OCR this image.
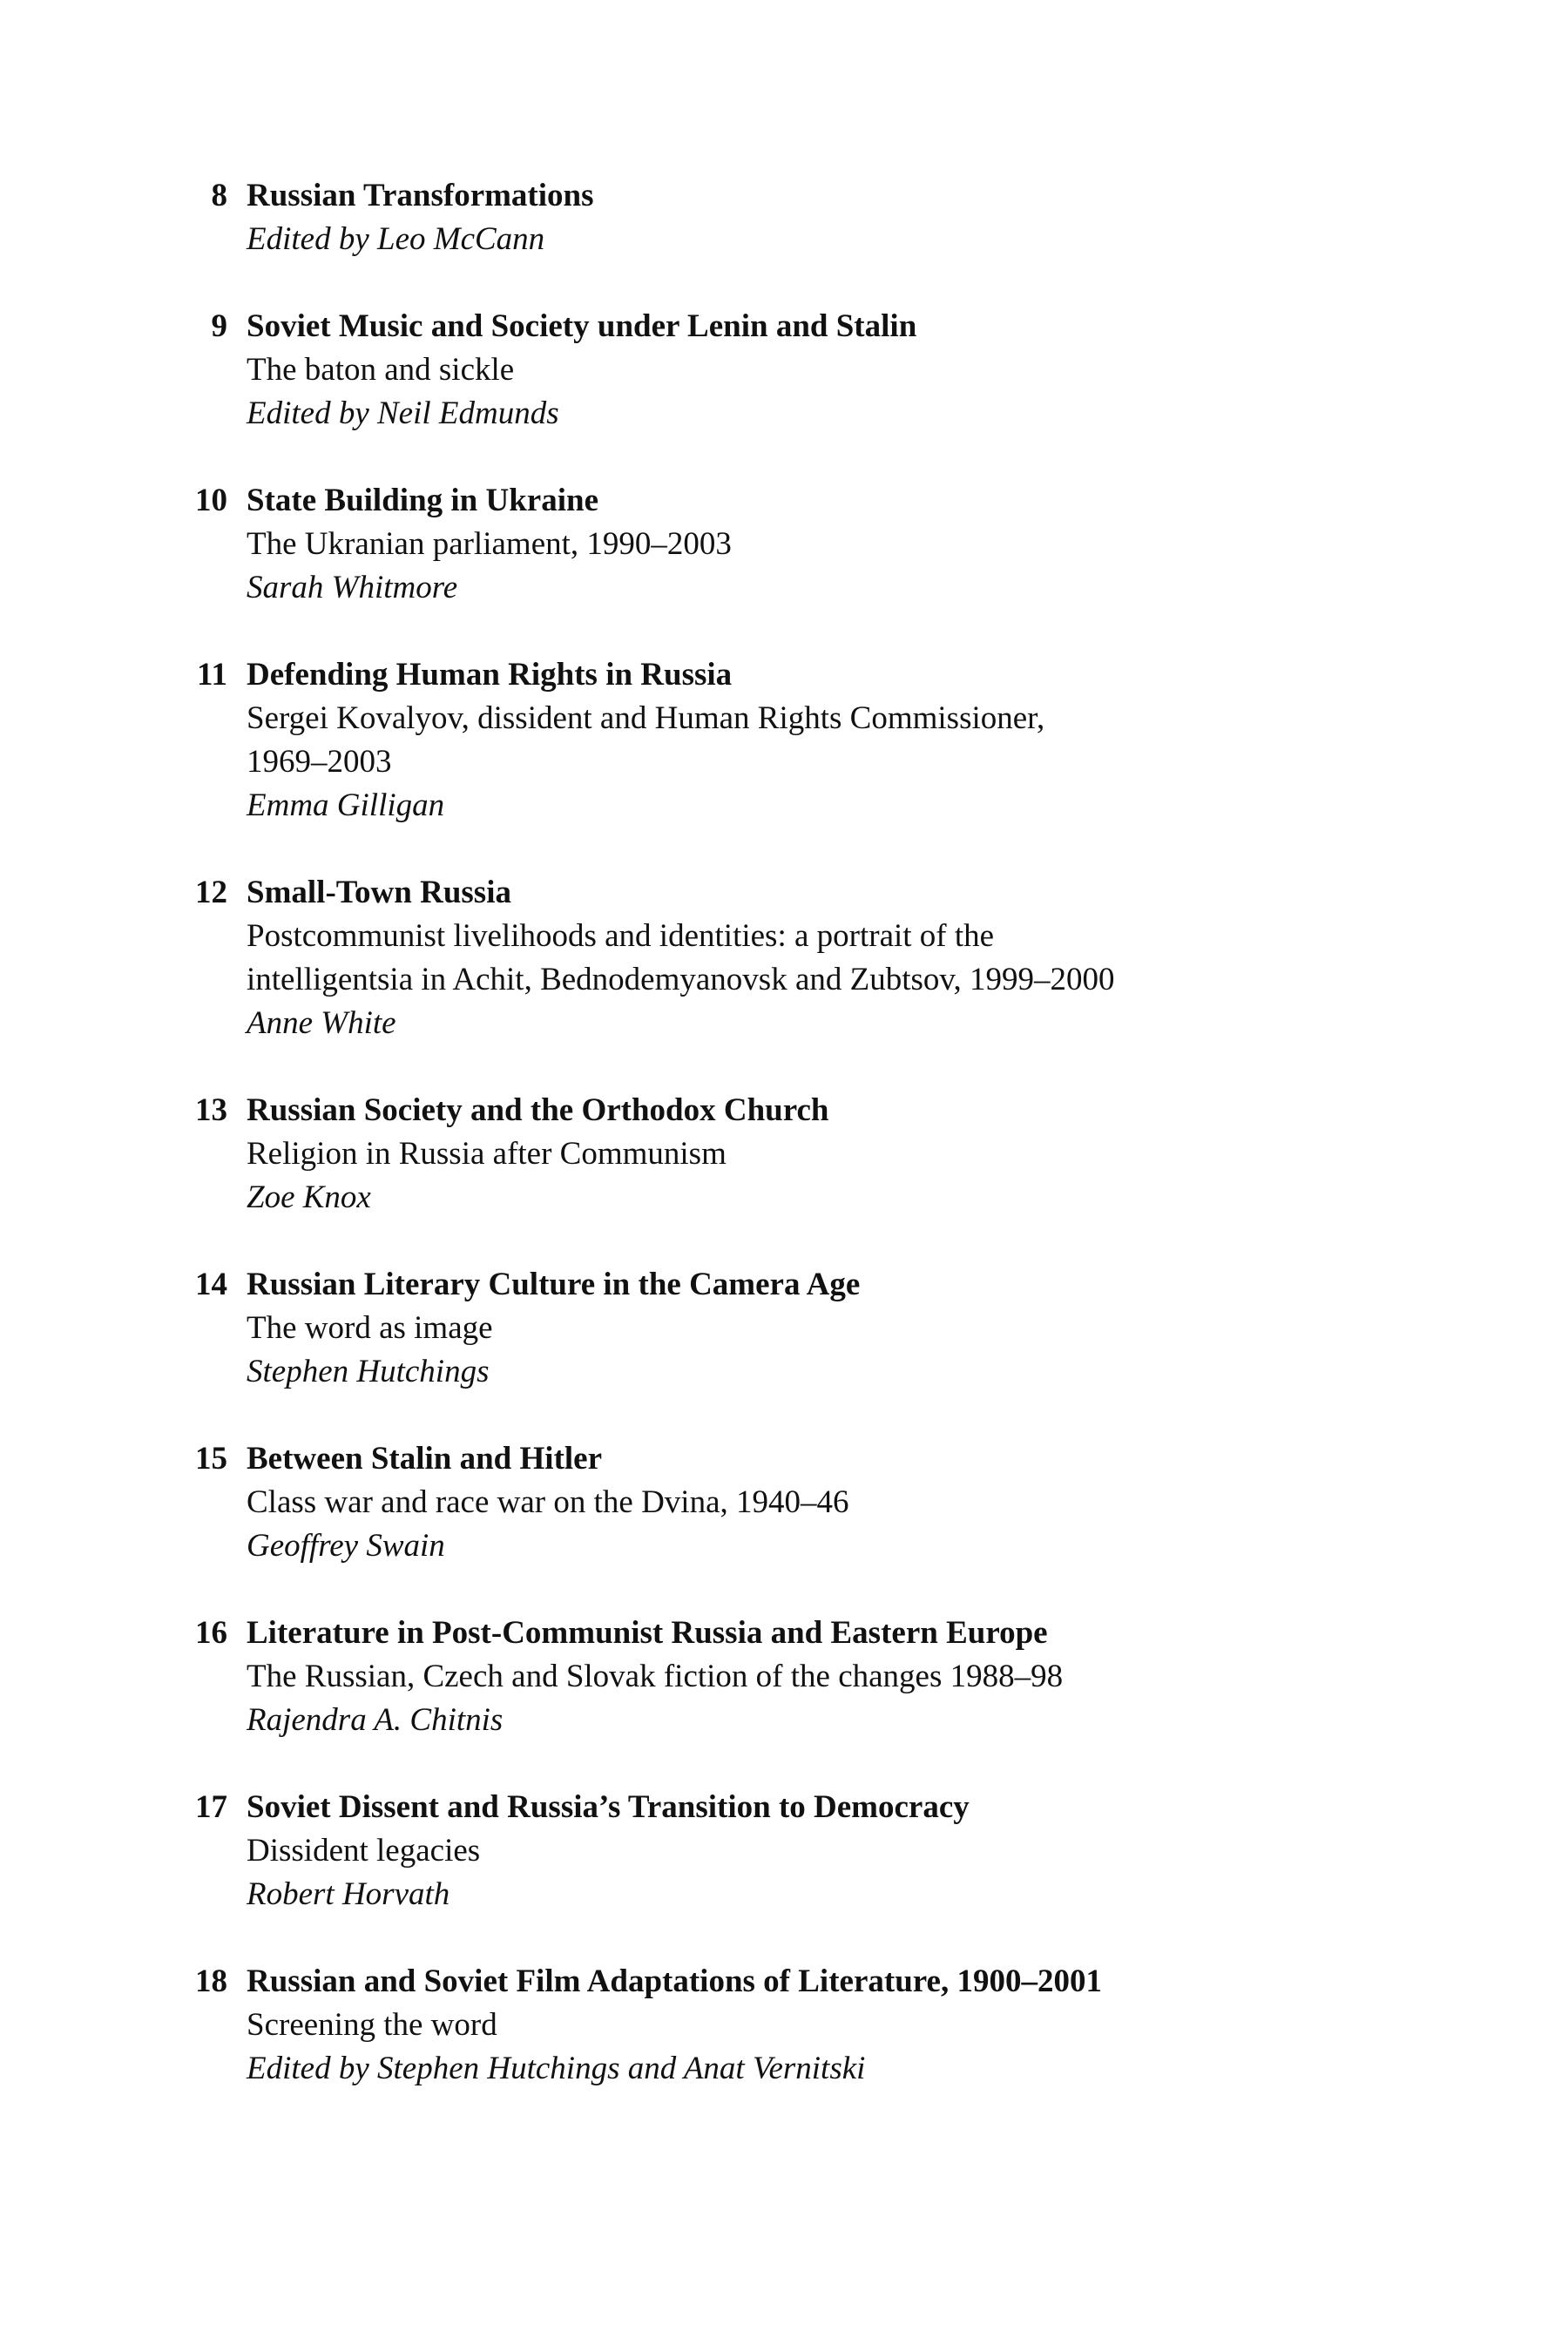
8 Russian Transformations
Edited by Leo McCann
9 Soviet Music and Society under Lenin and Stalin
The baton and sickle
Edited by Neil Edmunds
10 State Building in Ukraine
The Ukranian parliament, 1990–2003
Sarah Whitmore
11 Defending Human Rights in Russia
Sergei Kovalyov, dissident and Human Rights Commissioner,
1969–2003
Emma Gilligan
12 Small-Town Russia
Postcommunist livelihoods and identities: a portrait of the
intelligentsia in Achit, Bednodemyanovsk and Zubtsov, 1999–2000
Anne White
13 Russian Society and the Orthodox Church
Religion in Russia after Communism
Zoe Knox
14 Russian Literary Culture in the Camera Age
The word as image
Stephen Hutchings
15 Between Stalin and Hitler
Class war and race war on the Dvina, 1940–46
Geoffrey Swain
16 Literature in Post-Communist Russia and Eastern Europe
The Russian, Czech and Slovak fiction of the changes 1988–98
Rajendra A. Chitnis
17 Soviet Dissent and Russia’s Transition to Democracy
Dissident legacies
Robert Horvath
18 Russian and Soviet Film Adaptations of Literature, 1900–2001
Screening the word
Edited by Stephen Hutchings and Anat Vernitski
